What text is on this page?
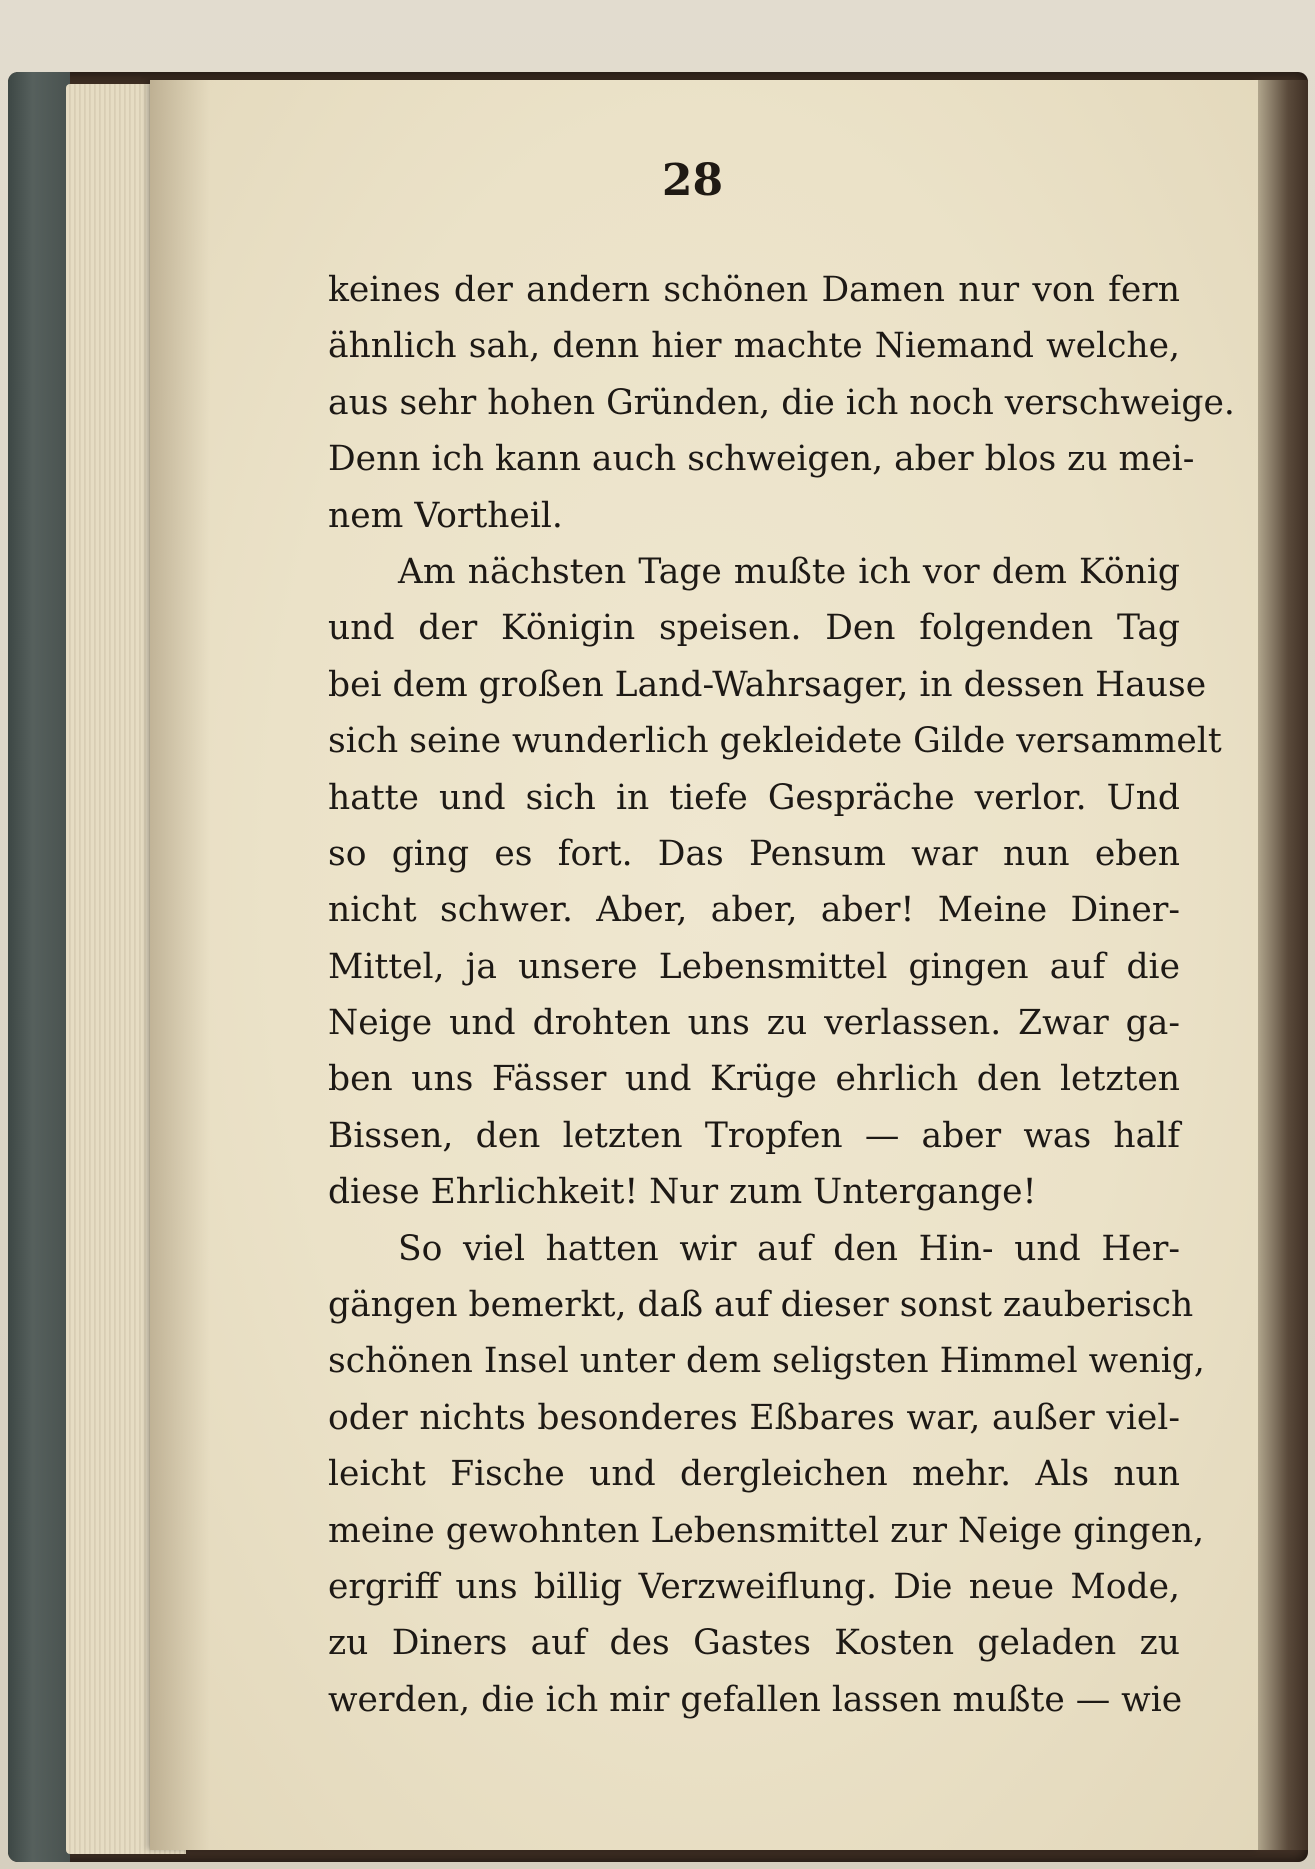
28
keines der andern schönen Damen nur von fern
ähnlich sah, denn hier machte Niemand welche,
aus sehr hohen Gründen, die ich noch verschweige.
Denn ich kann auch schweigen, aber blos zu mei-
nem Vortheil.
Am nächsten Tage mußte ich vor dem König
und der Königin speisen. Den folgenden Tag
bei dem großen Land-Wahrsager, in dessen Hause
sich seine wunderlich gekleidete Gilde versammelt
hatte und sich in tiefe Gespräche verlor. Und
so ging es fort. Das Pensum war nun eben
nicht schwer. Aber, aber, aber! Meine Diner-
Mittel, ja unsere Lebensmittel gingen auf die
Neige und drohten uns zu verlassen. Zwar ga-
ben uns Fässer und Krüge ehrlich den letzten
Bissen, den letzten Tropfen — aber was half
diese Ehrlichkeit! Nur zum Untergange!
So viel hatten wir auf den Hin- und Her-
gängen bemerkt, daß auf dieser sonst zauberisch
schönen Insel unter dem seligsten Himmel wenig,
oder nichts besonderes Eßbares war, außer viel-
leicht Fische und dergleichen mehr. Als nun
meine gewohnten Lebensmittel zur Neige gingen,
ergriff uns billig Verzweiflung. Die neue Mode,
zu Diners auf des Gastes Kosten geladen zu
werden, die ich mir gefallen lassen mußte — wie
